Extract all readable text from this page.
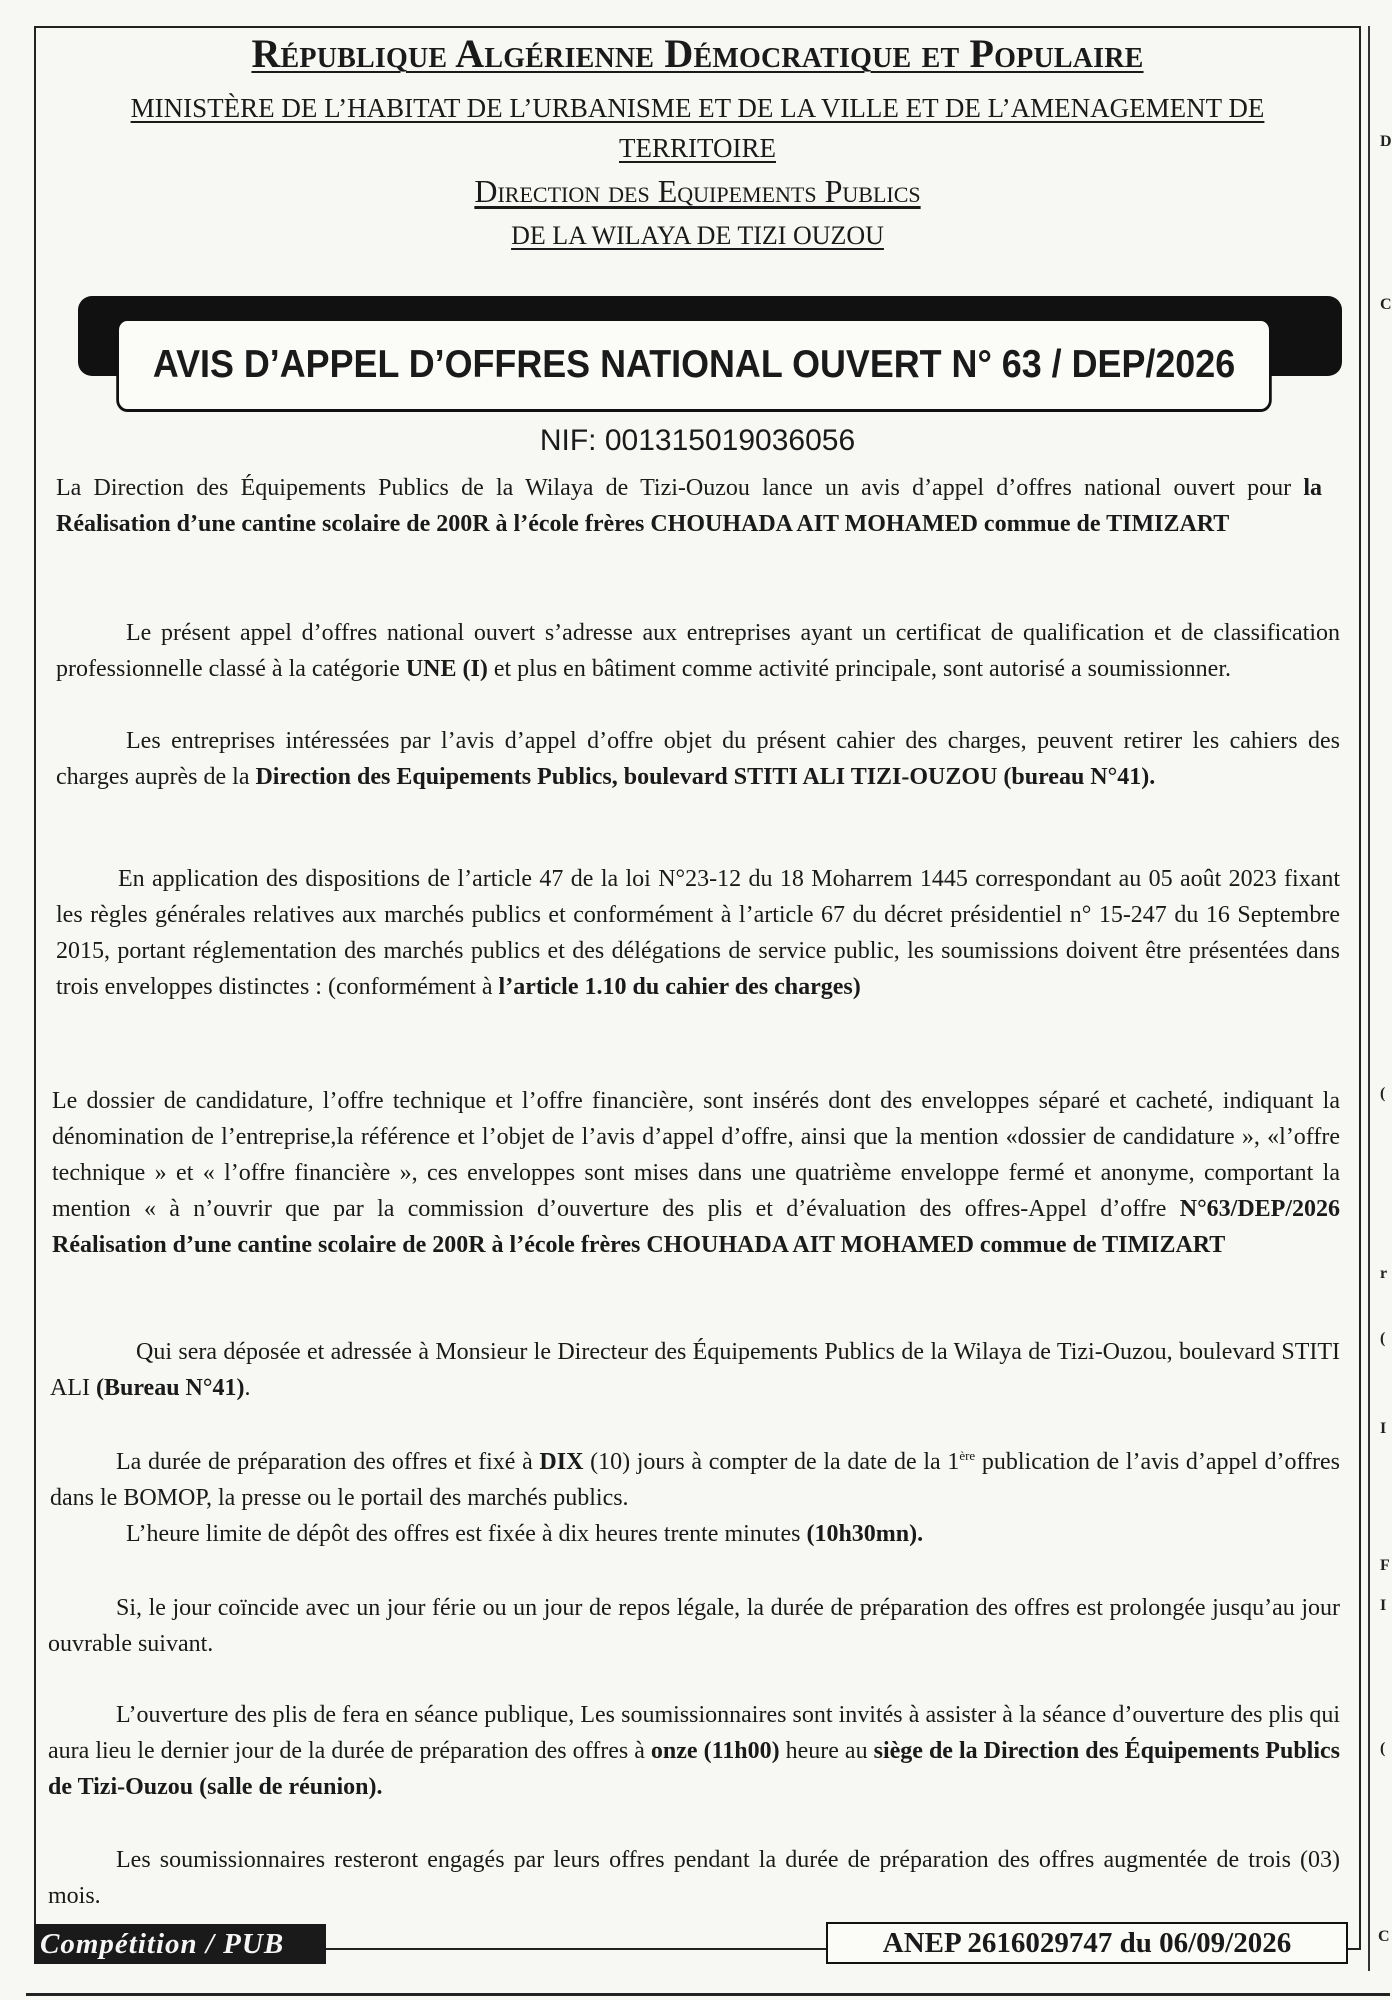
D
C
(
r
(
I
F
I
(
C
République Algérienne Démocratique et Populaire
MINISTÈRE DE L’HABITAT DE L’URBANISME ET DE LA VILLE ET DE L’AMENAGEMENT DE TERRITOIRE
Direction des Equipements Publics
DE LA WILAYA DE TIZI OUZOU
AVIS D’APPEL D’OFFRES NATIONAL OUVERT N° 63 / DEP/2026
NIF: 001315019036056
La Direction des Équipements Publics de la Wilaya de Tizi-Ouzou lance un avis d’appel d’offres national ouvert pour la Réalisation d’une cantine scolaire de 200R à l’école frères CHOUHADA AIT MOHAMED commue de TIMIZART
Le présent appel d’offres national ouvert s’adresse aux entreprises ayant un certificat de qualification et de classification professionnelle classé à la catégorie UNE (I) et plus en bâtiment comme activité principale, sont autorisé a soumissionner.
Les entreprises intéressées par l’avis d’appel d’offre objet du présent cahier des charges, peuvent retirer les cahiers des charges auprès de la Direction des Equipements Publics, boulevard STITI ALI TIZI-OUZOU (bureau N°41).
En application des dispositions de l’article 47 de la loi N°23-12 du 18 Moharrem 1445 correspondant au 05 août 2023 fixant les règles générales relatives aux marchés publics et conformément à l’article 67 du décret présidentiel n° 15-247 du 16 Septembre 2015, portant réglementation des marchés publics et des délégations de service public, les soumissions doivent être présentées dans trois enveloppes distinctes : (conformément à l’article 1.10 du cahier des charges)
Le dossier de candidature, l’offre technique et l’offre financière, sont insérés dont des enveloppes séparé et cacheté, indiquant la dénomination de l’entreprise,la référence et l’objet de l’avis d’appel d’offre, ainsi que la mention «dossier de candidature », «l’offre technique » et « l’offre financière », ces enveloppes sont mises dans une quatrième enveloppe fermé et anonyme, comportant la mention « à n’ouvrir que par la commission d’ouverture des plis et d’évaluation des offres-Appel d’offre N°63/DEP/2026 Réalisation d’une cantine scolaire de 200R à l’école frères CHOUHADA AIT MOHAMED commue de TIMIZART
Qui sera déposée et adressée à Monsieur le Directeur des Équipements Publics de la Wilaya de Tizi-Ouzou, boulevard STITI ALI (Bureau N°41).
La durée de préparation des offres et fixé à DIX (10) jours à compter de la date de la 1ère publication de l’avis d’appel d’offres dans le BOMOP, la presse ou le portail des marchés publics.
L’heure limite de dépôt des offres est fixée à dix heures trente minutes (10h30mn).
Si, le jour coïncide avec un jour férie ou un jour de repos légale, la durée de préparation des offres est prolongée jusqu’au jour ouvrable suivant.
L’ouverture des plis de fera en séance publique, Les soumissionnaires sont invités à assister à la séance d’ouverture des plis qui aura lieu le dernier jour de la durée de préparation des offres à onze (11h00) heure au siège de la Direction des Équipements Publics de Tizi-Ouzou (salle de réunion).
Les soumissionnaires resteront engagés par leurs offres pendant la durée de préparation des offres augmentée de trois (03) mois.
Compétition / PUB	ANEP 2616029747 du 06/09/2026
